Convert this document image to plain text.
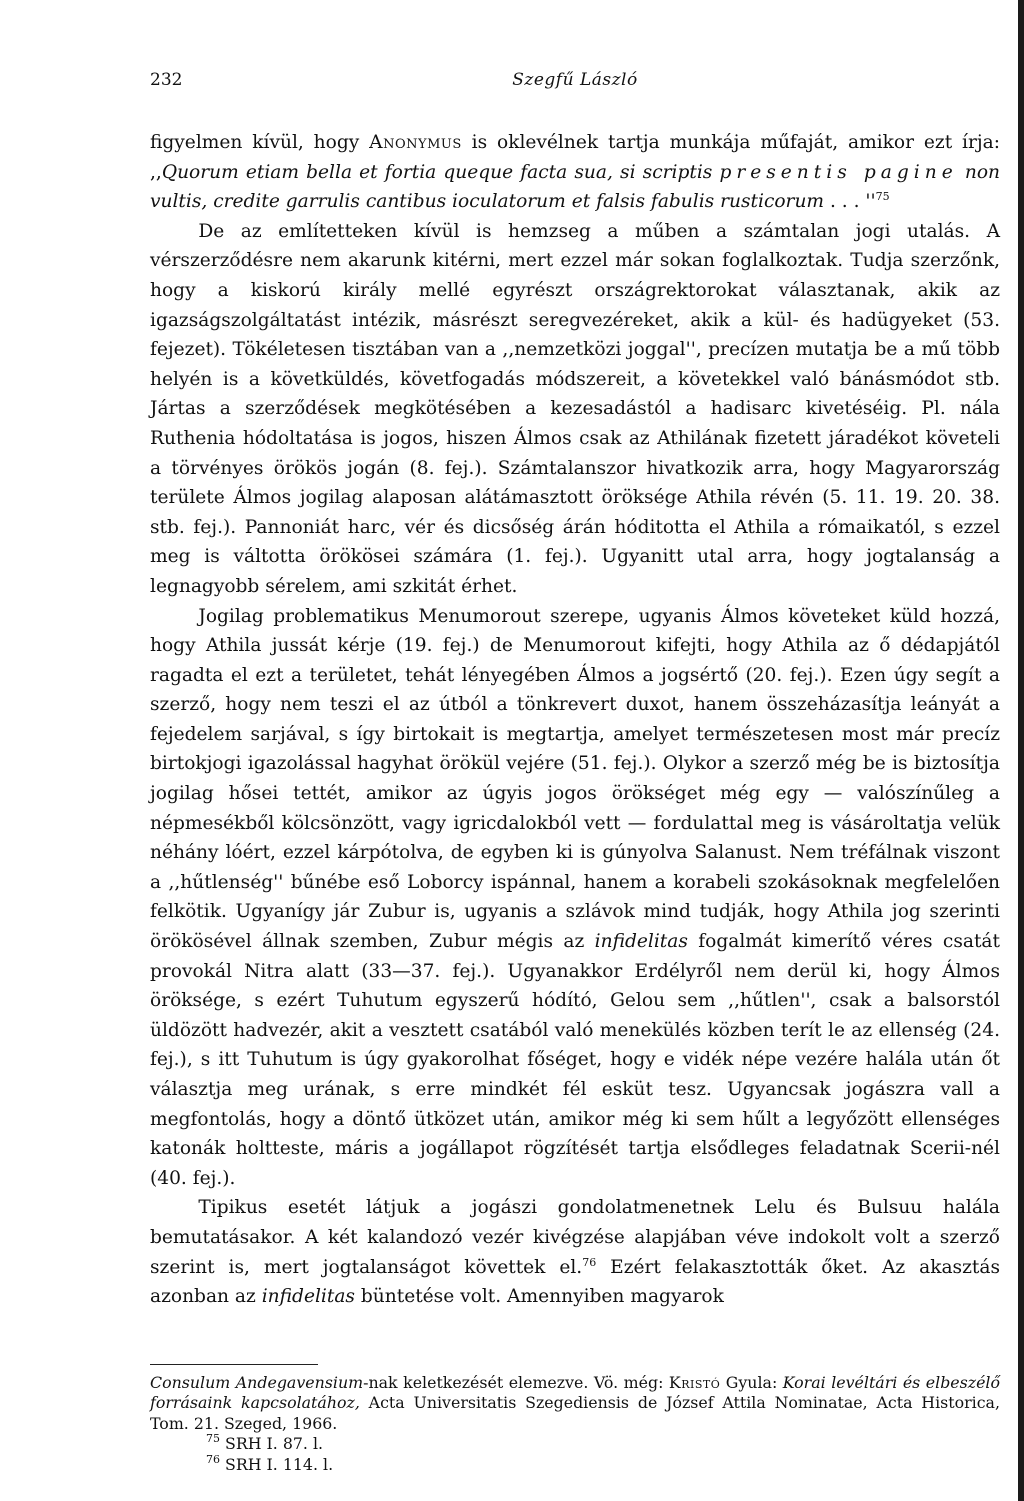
232	Szegfű László

figyelmen kívül, hogy Anonymus is oklevélnek tartja munkája műfaját, amikor ezt írja: ,,Quorum etiam bella et fortia queque facta sua, si scriptis presentis pagine non vultis, credite garrulis cantibus ioculatorum et falsis fabulis rusticorum . . . ''$^{75}$

De az említetteken kívül is hemzseg a műben a számtalan jogi utalás. A vérszerződésre nem akarunk kitérni, mert ezzel már sokan foglalkoztak. Tudja szerzőnk, hogy a kiskorú király mellé egyrészt országrektorokat választanak, akik az igazságszolgáltatást intézik, másrészt seregvezéreket, akik a kül- és hadügyeket (53. fejezet). Tökéletesen tisztában van a ,,nemzetközi joggal'', precízen mutatja be a mű több helyén is a követküldés, követfogadás módszereit, a követekkel való bánásmódot stb. Jártas a szerződések megkötésében a kezesadástól a hadisarc kivetéséig. Pl. nála Ruthenia hódoltatása is jogos, hiszen Álmos csak az Athilának fizetett járadékot követeli a törvényes örökös jogán (8. fej.). Számtalanszor hivatkozik arra, hogy Magyarország területe Álmos jogilag alaposan alátámasztott öröksége Athila révén (5. 11. 19. 20. 38. stb. fej.). Pannoniát harc, vér és dicsőség árán hóditotta el Athila a rómaikatól, s ezzel meg is váltotta örökösei számára (1. fej.). Ugyanitt utal arra, hogy jogtalanság a legnagyobb sérelem, ami szkitát érhet.

Jogilag problematikus Menumorout szerepe, ugyanis Álmos követeket küld hozzá, hogy Athila jussát kérje (19. fej.) de Menumorout kifejti, hogy Athila az ő dédapjától ragadta el ezt a területet, tehát lényegében Álmos a jogsértő (20. fej.). Ezen úgy segít a szerző, hogy nem teszi el az útból a tönkrevert duxot, hanem összeházasítja leányát a fejedelem sarjával, s így birtokait is megtartja, amelyet természetesen most már precíz birtokjogi igazolással hagyhat örökül vejére (51. fej.). Olykor a szerző még be is biztosítja jogilag hősei tettét, amikor az úgyis jogos örökséget még egy — valószínűleg a népmesékből kölcsönzött, vagy igricdalokból vett — fordulattal meg is vásároltatja velük néhány lóért, ezzel kárpótolva, de egyben ki is gúnyolva Salanust. Nem tréfálnak viszont a ,,hűtlenség'' bűnébe eső Loborcy ispánnal, hanem a korabeli szokásoknak megfelelően felkötik. Ugyanígy jár Zubur is, ugyanis a szlávok mind tudják, hogy Athila jog szerinti örökösével állnak szemben, Zubur mégis az infidelitas fogalmát kimerítő véres csatát provokál Nitra alatt (33—37. fej.). Ugyanakkor Erdélyről nem derül ki, hogy Álmos öröksége, s ezért Tuhutum egyszerű hódító, Gelou sem ,,hűtlen'', csak a balsorstól üldözött hadvezér, akit a vesztett csatából való menekülés közben terít le az ellenség (24. fej.), s itt Tuhutum is úgy gyakorolhat főséget, hogy e vidék népe vezére halála után őt választja meg urának, s erre mindkét fél esküt tesz. Ugyancsak jogászra vall a megfontolás, hogy a döntő ütközet után, amikor még ki sem hűlt a legyőzött ellenséges katonák holtteste, máris a jogállapot rögzítését tartja elsődleges feladatnak Scerii-nél (40. fej.).

Tipikus esetét látjuk a jogászi gondolatmenetnek Lelu és Bulsuu halála bemutatásakor. A két kalandozó vezér kivégzése alapjában véve indokolt volt a szerző szerint is, mert jogtalanságot követtek el.$^{76}$ Ezért felakasztották őket. Az akasztás azonban az infidelitas büntetése volt. Amennyiben magyarok

Consulum Andegavensium-nak keletkezését elemezve. Vö. még: Kristó Gyula: Korai levéltári és elbeszélő forrásaink kapcsolatához, Acta Universitatis Szegediensis de József Attila Nominatae, Acta Historica, Tom. 21. Szeged, 1966.

$^{75}$ SRH I. 87. l.

$^{76}$ SRH I. 114. l.
